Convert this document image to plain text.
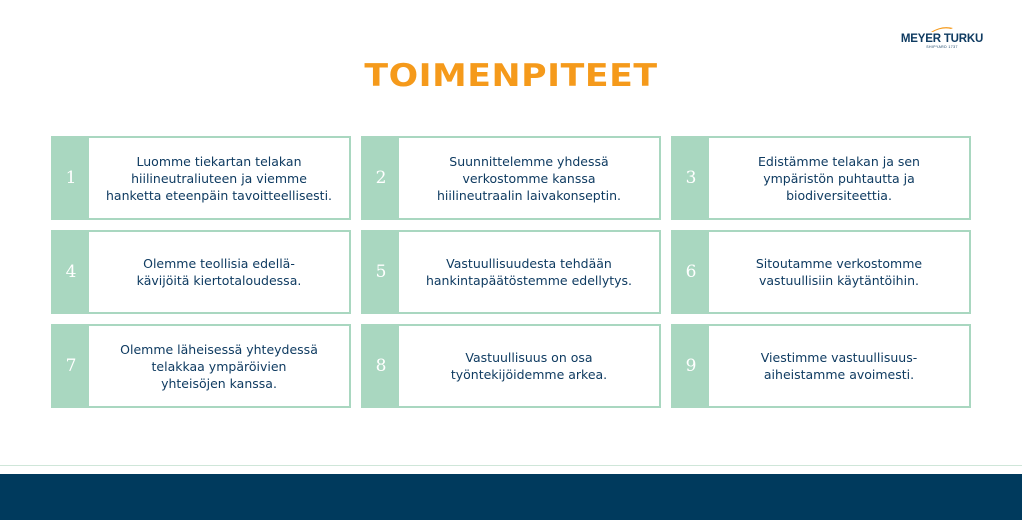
MEYER TURKU
SHIPYARD 1737
TOIMENPITEET
1
Luomme tiekartan telakan
hiilineutraliuteen ja viemme
hanketta eteenpäin tavoitteellisesti.
2
Suunnittelemme yhdessä
verkostomme kanssa
hiilineutraalin laivakonseptin.
3
Edistämme telakan ja sen
ympäristön puhtautta ja
biodiversiteettia.
4	Olemme teollisia edellä-
kävijöitä kiertotaloudessa.	5	Vastuullisuudesta tehdään
hankintapäätöstemme edellytys.	6	Sitoutamme verkostomme
vastuullisiin käytäntöihin.
7
Olemme läheisessä yhteydessä
telakkaa ympäröivien
yhteisöjen kanssa.
8	Vastuullisuus on osa
työntekijöidemme arkea.	9	Viestimme vastuullisuus-
aiheistamme avoimesti.
